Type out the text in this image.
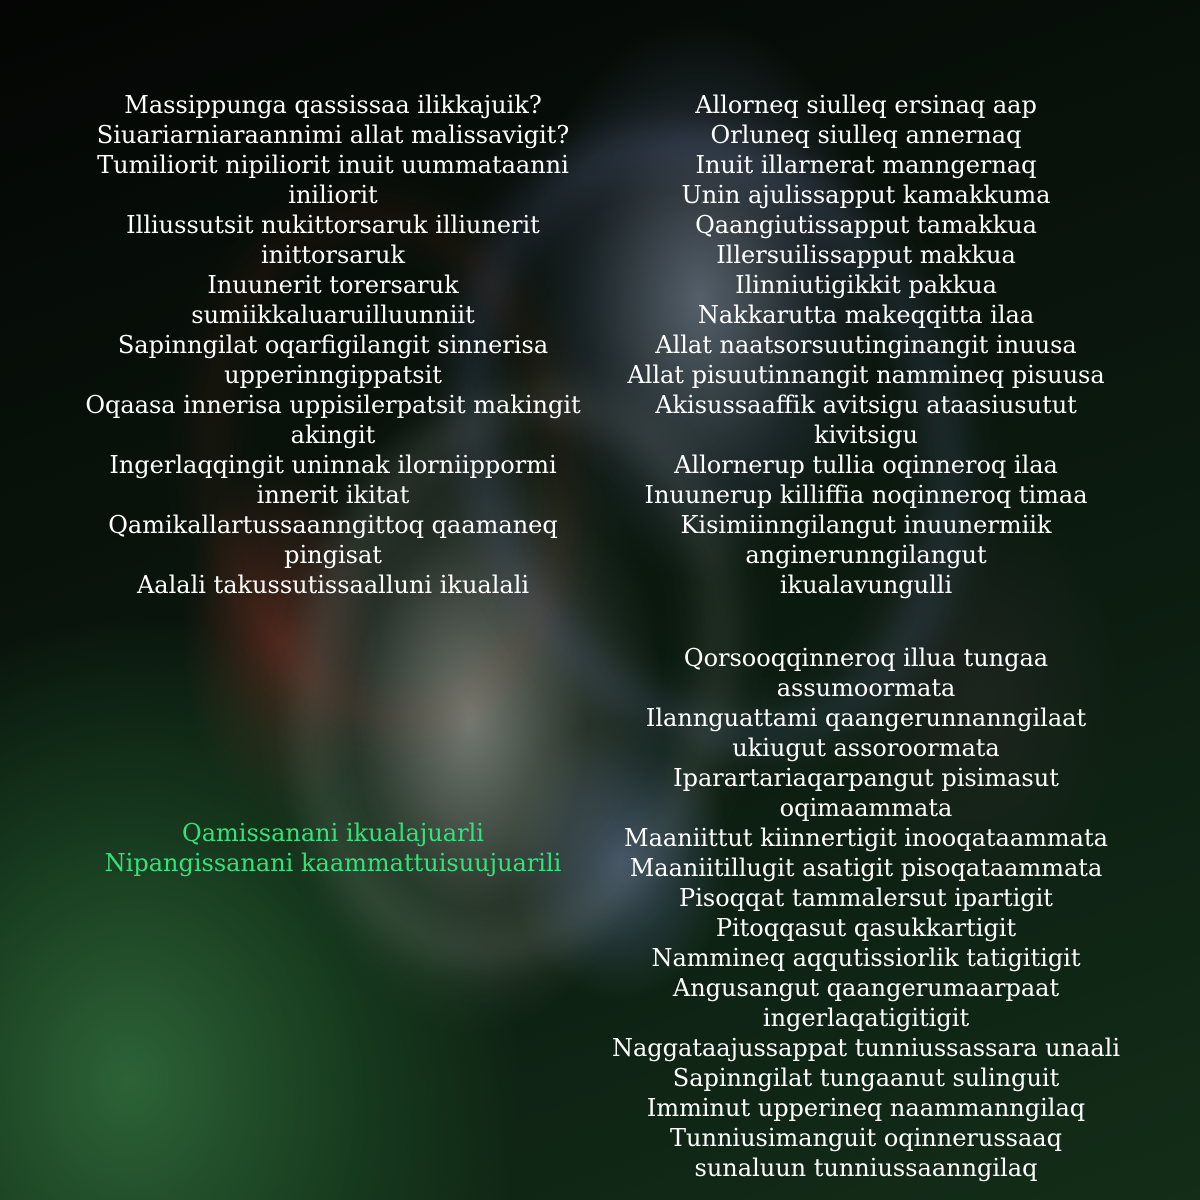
Massippunga qassissaa ilikkajuik?
Siuariarniaraannimi allat malissavigit?
Tumiliorit nipiliorit inuit uummataanni
iniliorit
Illiussutsit nukittorsaruk illiunerit
inittorsaruk
Inuunerit torersaruk
sumiikkaluaruilluunniit
Sapinngilat oqarfigilangit sinnerisa
upperinngippatsit
Oqaasa innerisa uppisilerpatsit makingit
akingit
Ingerlaqqingit uninnak ilorniippormi
innerit ikitat
Qamikallartussaanngittoq qaamaneq
pingisat
Aalali takussutissaalluni ikualali
Qamissanani ikualajuarli
Nipangissanani kaammattuisuujuarili
Allorneq siulleq ersinaq aap
Orluneq siulleq annernaq
Inuit illarnerat manngernaq
Unin ajulissapput kamakkuma
Qaangiutissapput tamakkua
Illersuilissapput makkua
Ilinniutigikkit pakkua
Nakkarutta makeqqitta ilaa
Allat naatsorsuutinginangit inuusa
Allat pisuutinnangit nammineq pisuusa
Akisussaaffik avitsigu ataasiusutut
kivitsigu
Allornerup tullia oqinneroq ilaa
Inuunerup killiffia noqinneroq timaa
Kisimiinngilangut inuunermiik
anginerunngilangut
ikualavungulli
Qorsooqqinneroq illua tungaa
assumoormata
Ilannguattami qaangerunnanngilaat
ukiugut assoroormata
Iparartariaqarpangut pisimasut
oqimaammata
Maaniittut kiinnertigit inooqataammata
Maaniitillugit asatigit pisoqataammata
Pisoqqat tammalersut ipartigit
Pitoqqasut qasukkartigit
Nammineq aqqutissiorlik tatigitigit
Angusangut qaangerumaarpaat
ingerlaqatigitigit
Naggataajussappat tunniussassara unaali
Sapinngilat tungaanut sulinguit
Imminut upperineq naammanngilaq
Tunniusimanguit oqinnerussaaq
sunaluun tunniussaanngilaq
